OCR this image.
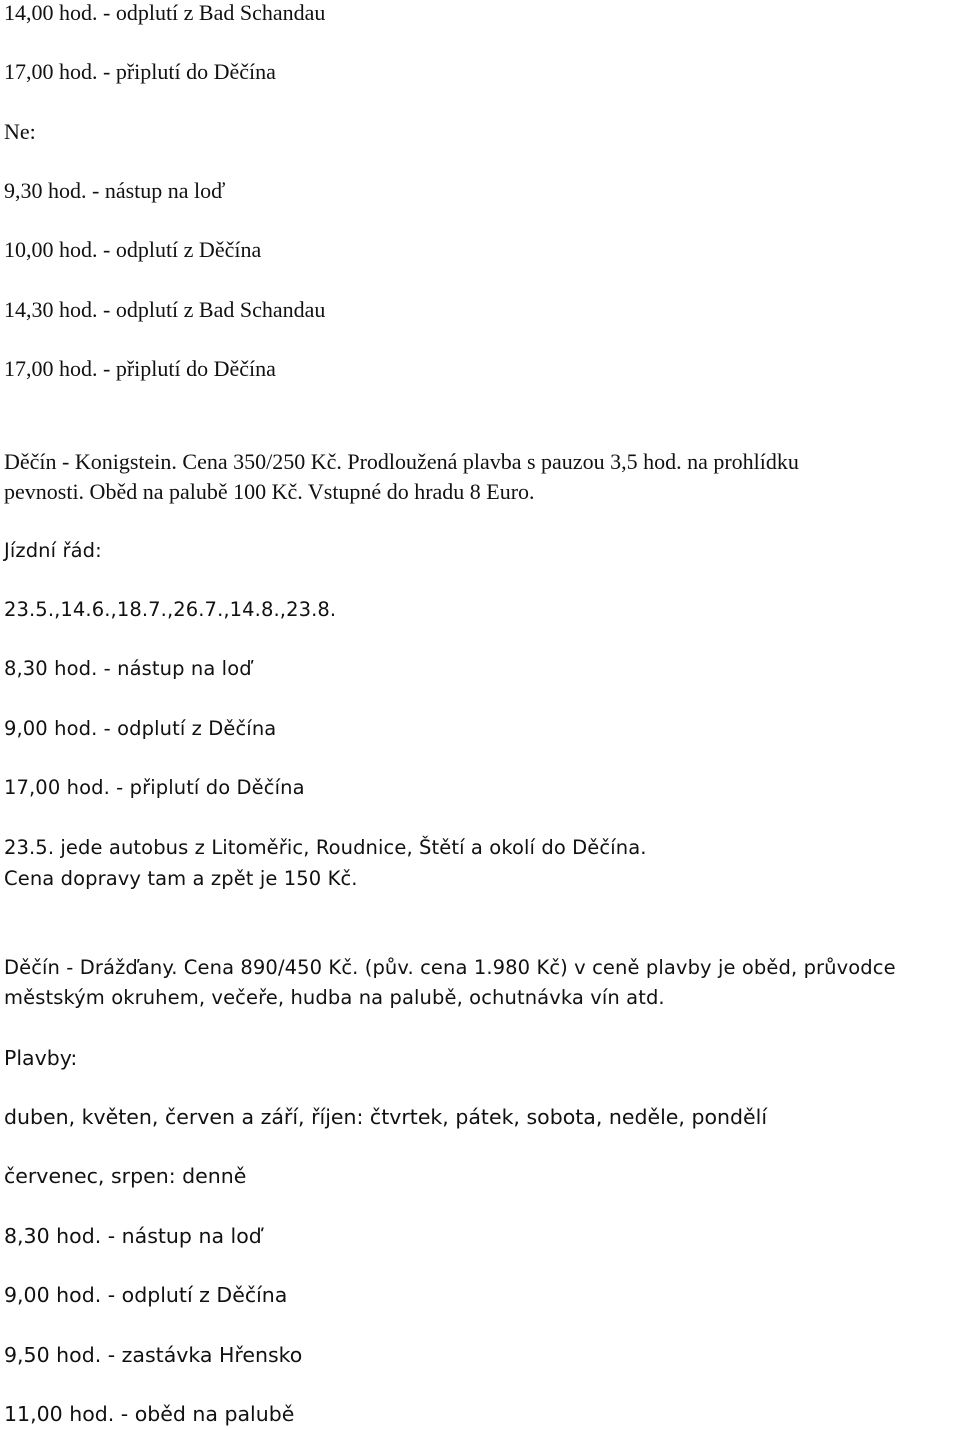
14,00 hod. - odplutí z Bad Schandau
17,00 hod. - připlutí do Děčína
Ne:
9,30 hod. - nástup na loď
10,00 hod. - odplutí z Děčína
14,30 hod. - odplutí z Bad Schandau
17,00 hod. - připlutí do Děčína
Děčín - Konigstein. Cena 350/250 Kč. Prodloužená plavba s pauzou 3,5 hod. na prohlídku
pevnosti. Oběd na palubě 100 Kč. Vstupné do hradu 8 Euro.
Jízdní řád:
23.5.,14.6.,18.7.,26.7.,14.8.,23.8.
8,30 hod. - nástup na loď
9,00 hod. - odplutí z Děčína
17,00 hod. - připlutí do Děčína
23.5. jede autobus z Litoměřic, Roudnice, Štětí a okolí do Děčína.
Cena dopravy tam a zpět je 150 Kč.
Děčín - Drážďany. Cena 890/450 Kč. (pův. cena 1.980 Kč) v ceně plavby je oběd, průvodce
městským okruhem, večeře, hudba na palubě, ochutnávka vín atd.
Plavby:
duben, květen, červen a září, říjen: čtvrtek, pátek, sobota, neděle, pondělí
červenec, srpen: denně
8,30 hod. - nástup na loď
9,00 hod. - odplutí z Děčína
9,50 hod. - zastávka Hřensko
11,00 hod. - oběd na palubě
